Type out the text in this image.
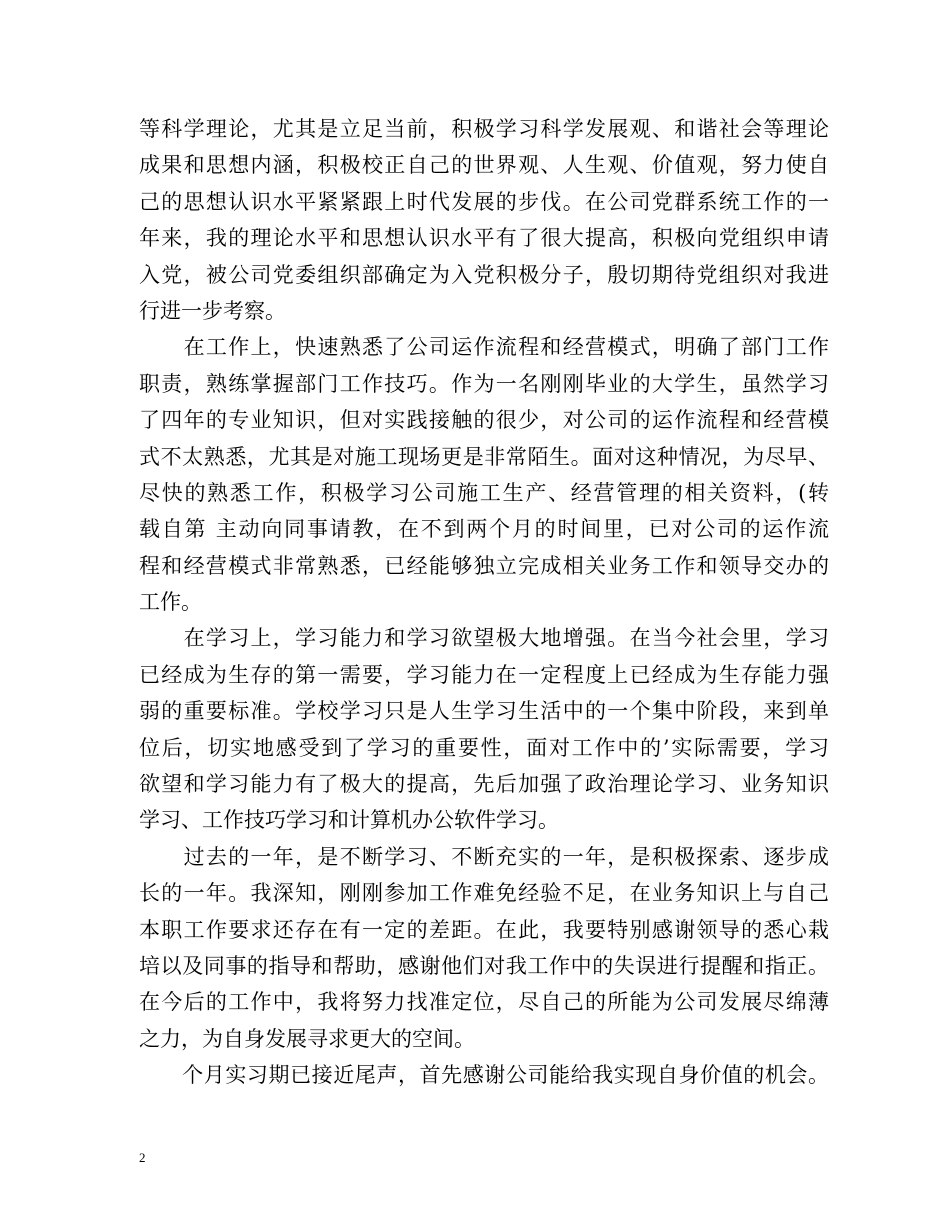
等科学理论，尤其是立足当前，积极学习科学发展观、和谐社会等理论
成果和思想内涵，积极校正自己的世界观、人生观、价值观，努力使自
己的思想认识水平紧紧跟上时代发展的步伐。在公司党群系统工作的一
年来，我的理论水平和思想认识水平有了很大提高，积极向党组织申请
入党，被公司党委组织部确定为入党积极分子，殷切期待党组织对我进
行进一步考察。
　　在工作上，快速熟悉了公司运作流程和经营模式，明确了部门工作
职责，熟练掌握部门工作技巧。作为一名刚刚毕业的大学生，虽然学习
了四年的专业知识，但对实践接触的很少，对公司的运作流程和经营模
式不太熟悉，尤其是对施工现场更是非常陌生。面对这种情况，为尽早、
尽快的熟悉工作，积极学习公司施工生产、经营管理的相关资料，(转
载自第 主动向同事请教，在不到两个月的时间里，已对公司的运作流
程和经营模式非常熟悉，已经能够独立完成相关业务工作和领导交办的
工作。
　　在学习上，学习能力和学习欲望极大地增强。在当今社会里，学习
已经成为生存的第一需要，学习能力在一定程度上已经成为生存能力强
弱的重要标准。学校学习只是人生学习生活中的一个集中阶段，来到单
位后，切实地感受到了学习的重要性，面对工作中的’实际需要，学习
欲望和学习能力有了极大的提高，先后加强了政治理论学习、业务知识
学习、工作技巧学习和计算机办公软件学习。
　　过去的一年，是不断学习、不断充实的一年，是积极探索、逐步成
长的一年。我深知，刚刚参加工作难免经验不足，在业务知识上与自己
本职工作要求还存在有一定的差距。在此，我要特别感谢领导的悉心栽
培以及同事的指导和帮助，感谢他们对我工作中的失误进行提醒和指正。
在今后的工作中，我将努力找准定位，尽自己的所能为公司发展尽绵薄
之力，为自身发展寻求更大的空间。
　　个月实习期已接近尾声，首先感谢公司能给我实现自身价值的机会。
2
